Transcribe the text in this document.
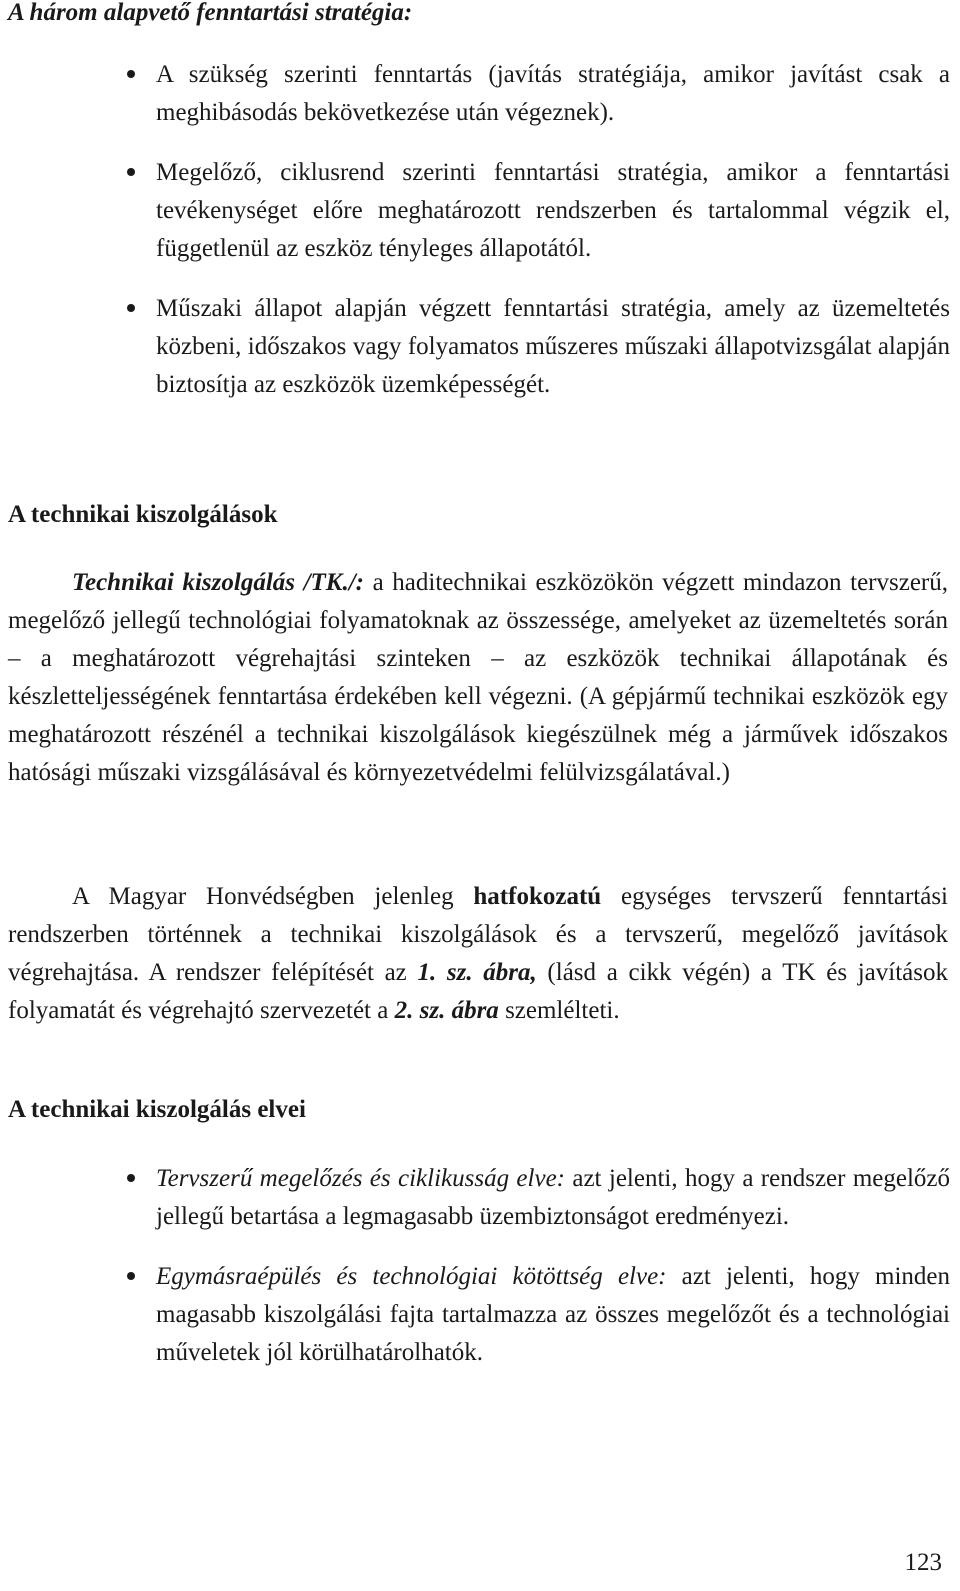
A három alapvető fenntartási stratégia:

A szükség szerinti fenntartás (javítás stratégiája, amikor javítást csak a meghibásodás bekövetkezése után végeznek).
Megelőző, ciklusrend szerinti fenntartási stratégia, amikor a fenntartási tevékenységet előre meghatározott rendszerben és tartalommal végzik el, függetlenül az eszköz tényleges állapotától.
Műszaki állapot alapján végzett fenntartási stratégia, amely az üzemeltetés közbeni, időszakos vagy folyamatos műszeres műszaki állapotvizsgálat alapján biztosítja az eszközök üzemképességét.

A technikai kiszolgálások

Technikai kiszolgálás /TK./: a haditechnikai eszközökön végzett mindazon tervszerű, megelőző jellegű technológiai folyamatoknak az összessége, amelyeket az üzemeltetés során – a meghatározott végrehajtási szinteken – az eszközök technikai állapotának és készletteljességének fenntartása érdekében kell végezni. (A gépjármű technikai eszközök egy meghatározott részénél a technikai kiszolgálások kiegészülnek még a járművek időszakos hatósági műszaki vizsgálásával és környezetvédelmi felülvizsgálatával.)

A Magyar Honvédségben jelenleg hatfokozatú egységes tervszerű fenntartási rendszerben történnek a technikai kiszolgálások és a tervszerű, megelőző javítások végrehajtása. A rendszer felépítését az 1. sz. ábra, (lásd a cikk végén) a TK és javítások folyamatát és végrehajtó szervezetét a 2. sz. ábra szemlélteti.

A technikai kiszolgálás elvei

Tervszerű megelőzés és ciklikusság elve: azt jelenti, hogy a rendszer megelőző jellegű betartása a legmagasabb üzembiztonságot eredményezi.
Egymásraépülés és technológiai kötöttség elve: azt jelenti, hogy minden magasabb kiszolgálási fajta tartalmazza az összes megelőzőt és a technológiai műveletek jól körülhatárolhatók.
123
